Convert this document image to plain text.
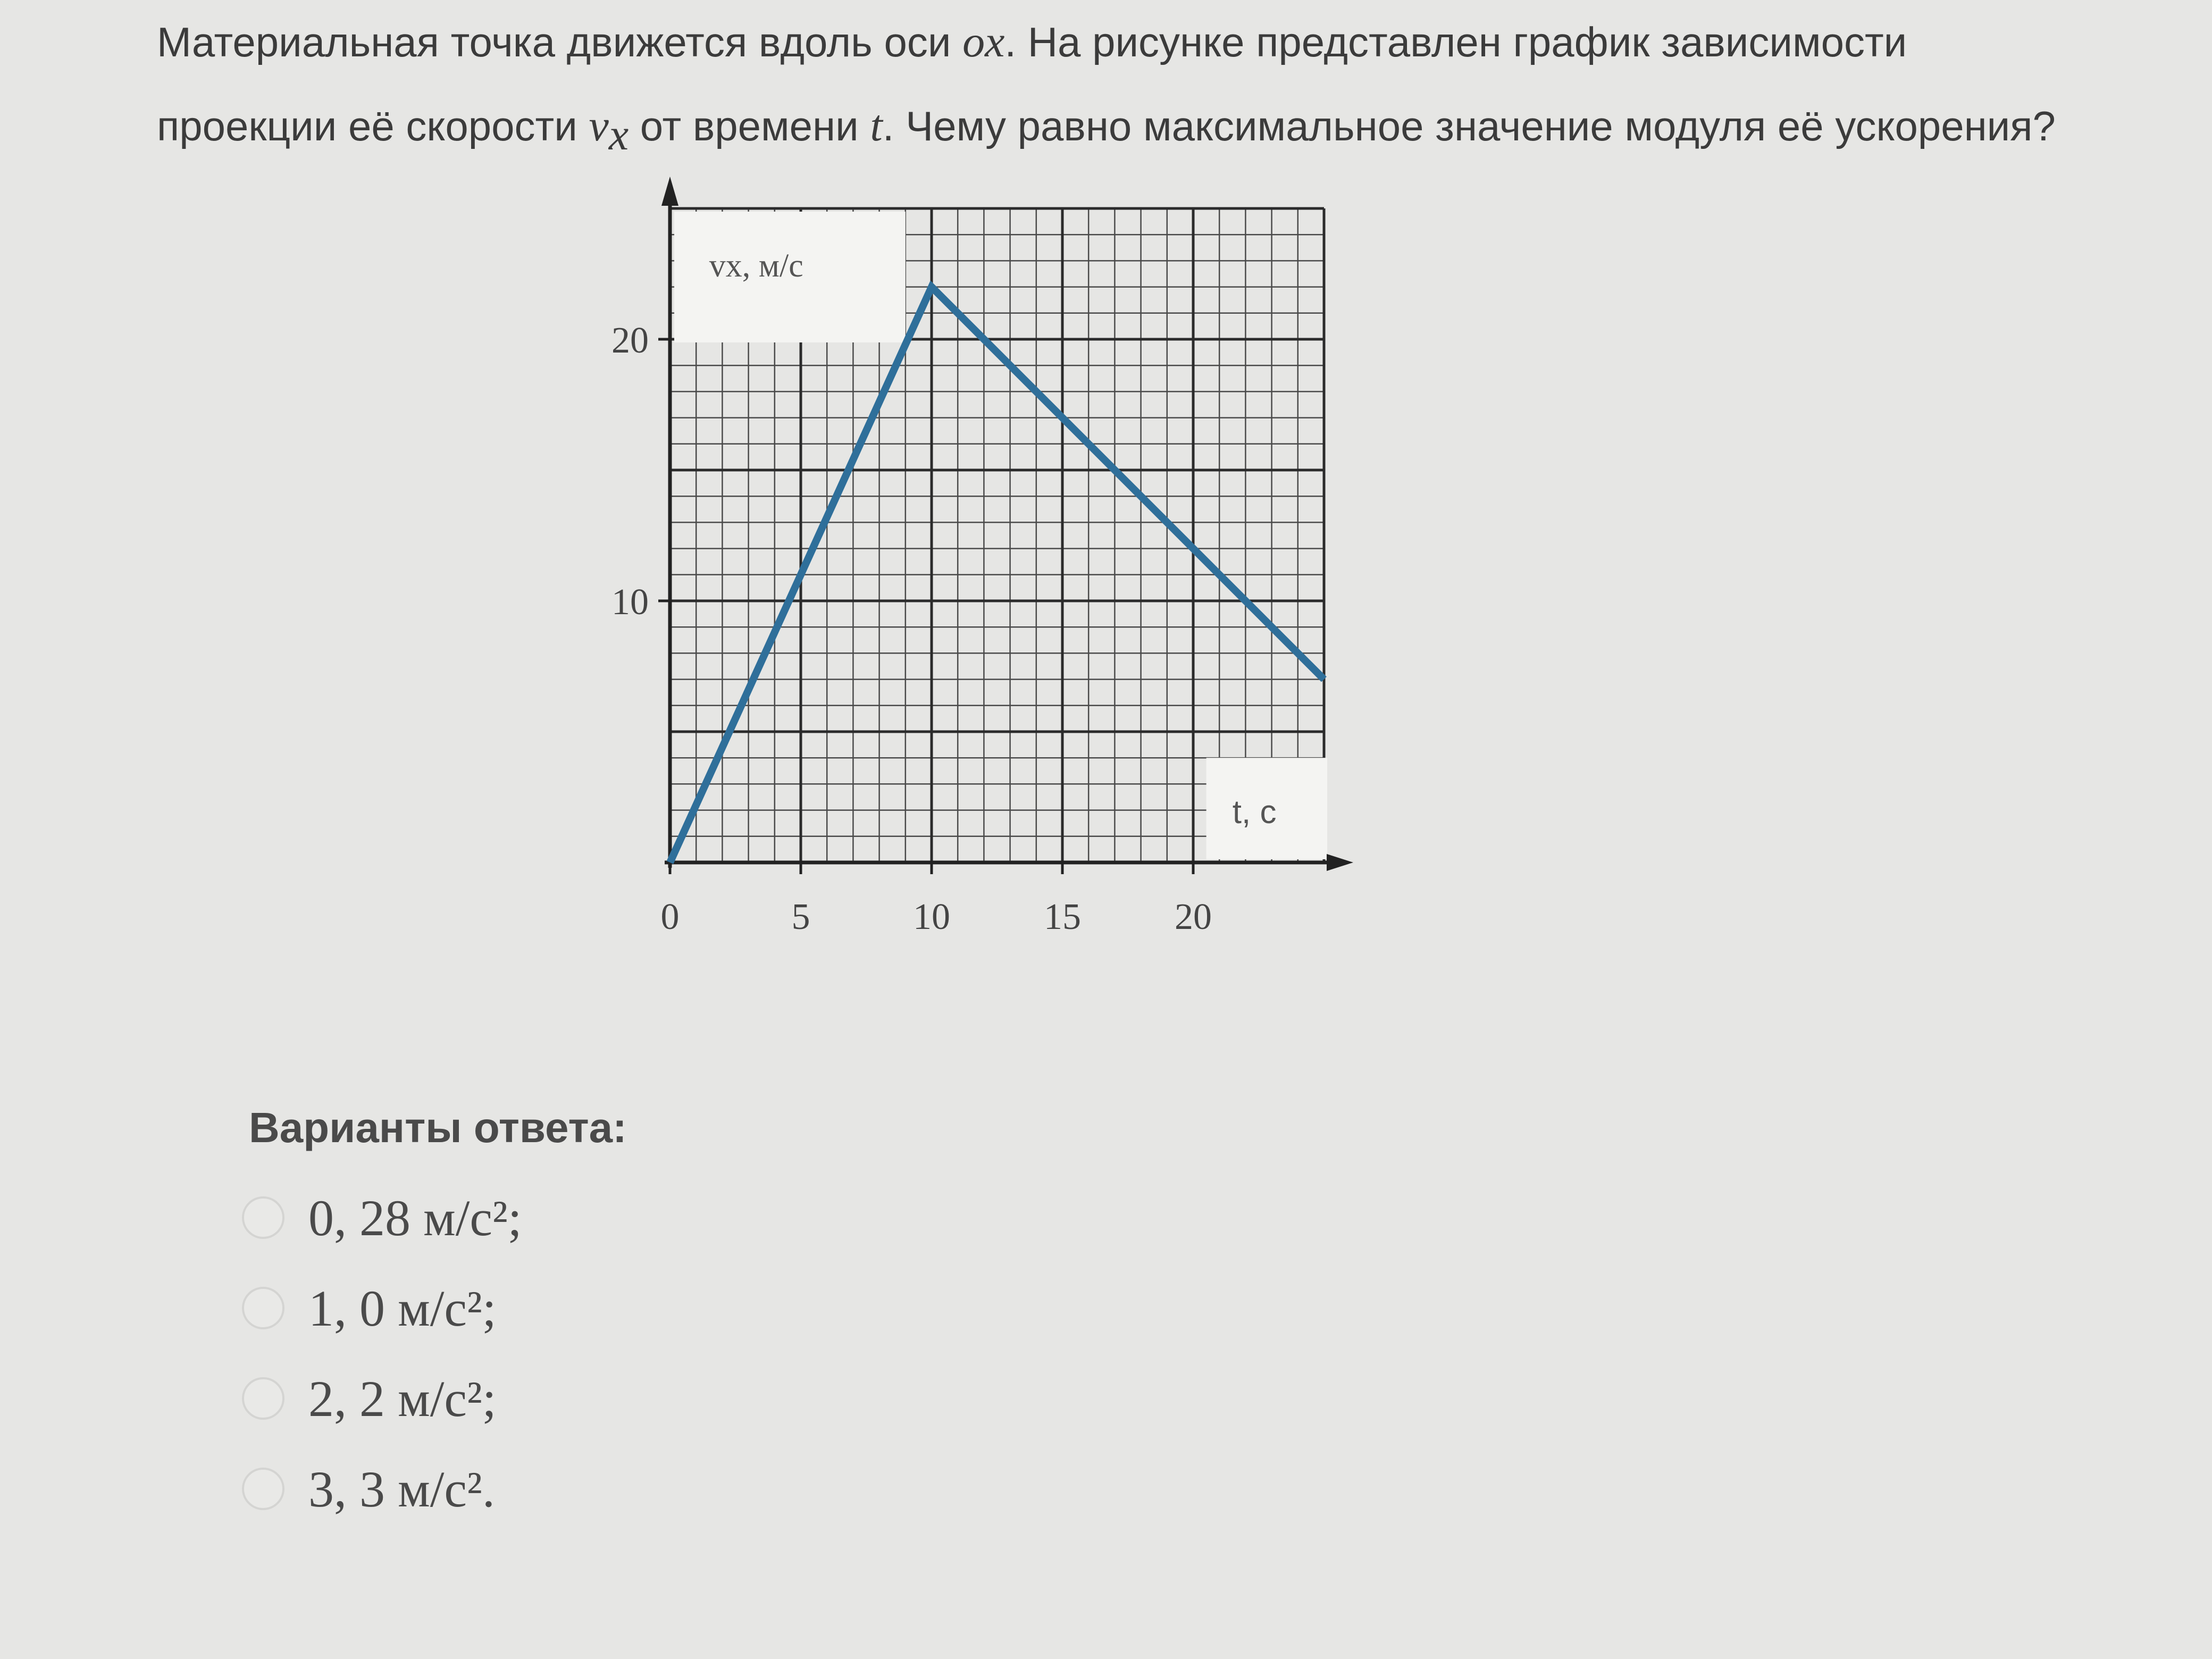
Материальная точка движется вдоль оси ox. На рисунке представлен график зависимости
проекции её скорости $v_x$ от времени t. Чему равно максимальное значение модуля её ускорения?
vx, м/с
t, с
0	5	10	15	20
10
20
Варианты ответа:
0, 28 м/с²;
1, 0 м/с²;
2, 2 м/с²;
3, 3 м/с².
